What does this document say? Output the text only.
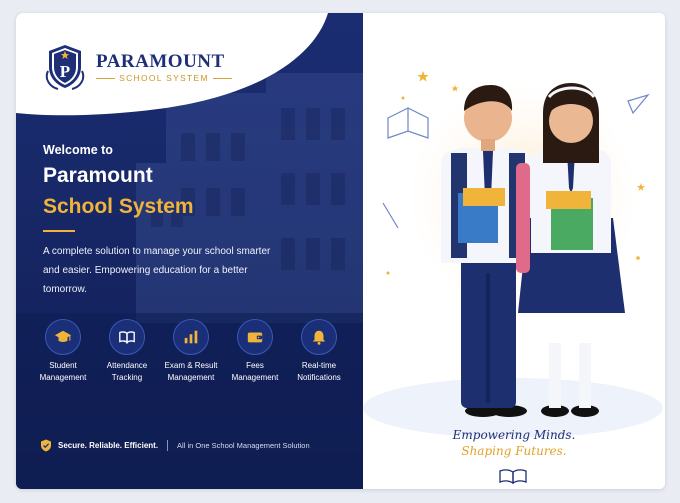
P PARAMOUNT
SCHOOL SYSTEM
Welcome to
Paramount
School System
A complete solution to manage your school smarter and easier. Empowering education for a better tomorrow.
Student
Management
Attendance
Tracking
Exam & Result
Management
Fees
Management
Real-time
Notifications
Secure. Reliable. Efficient.	All in One School Management Solution
Empowering Minds.
Shaping Futures.
